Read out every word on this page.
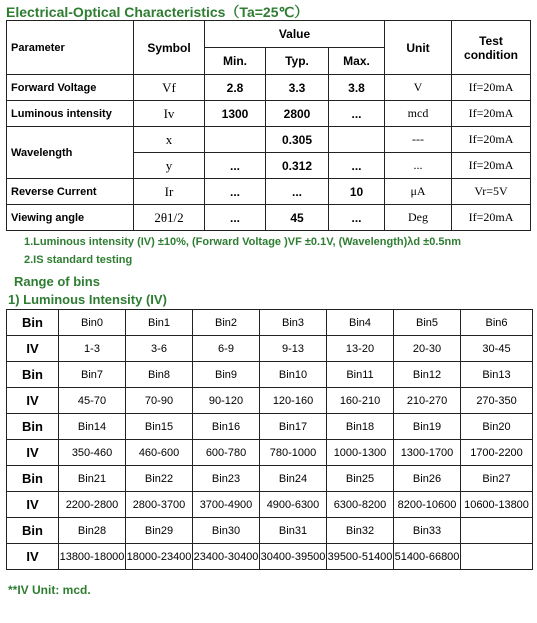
Electrical-Optical Characteristics（Ta=25℃）
Parameter	Symbol	Value			Unit	Test condition
		Min.	Typ.	Max.		
Forward Voltage	Vf	2.8	3.3	3.8	V	If=20mA
Luminous intensity	Iv	1300	2800	...	mcd	If=20mA
Wavelength	x		0.305		---	If=20mA
	y	...	0.312	...	...	If=20mA
Reverse Current	Ir	...	...	10	μA	Vr=5V
Viewing angle	2θ1/2	...	45	...	Deg	If=20mA
1.Luminous intensity (IV) ±10%, (Forward Voltage )VF ±0.1V, (Wavelength)λd ±0.5nm
2.IS standard testing
Range of bins
1) Luminous Intensity (IV)
Bin	Bin0	Bin1	Bin2	Bin3	Bin4	Bin5	Bin6
IV	1-3	3-6	6-9	9-13	13-20	20-30	30-45
Bin	Bin7	Bin8	Bin9	Bin10	Bin11	Bin12	Bin13
IV	45-70	70-90	90-120	120-160	160-210	210-270	270-350
Bin	Bin14	Bin15	Bin16	Bin17	Bin18	Bin19	Bin20
IV	350-460	460-600	600-780	780-1000	1000-1300	1300-1700	1700-2200
Bin	Bin21	Bin22	Bin23	Bin24	Bin25	Bin26	Bin27
IV	2200-2800	2800-3700	3700-4900	4900-6300	6300-8200	8200-10600	10600-13800
Bin	Bin28	Bin29	Bin30	Bin31	Bin32	Bin33	
IV	13800-18000	18000-23400	23400-30400	30400-39500	39500-51400	51400-66800	
**IV Unit: mcd.
